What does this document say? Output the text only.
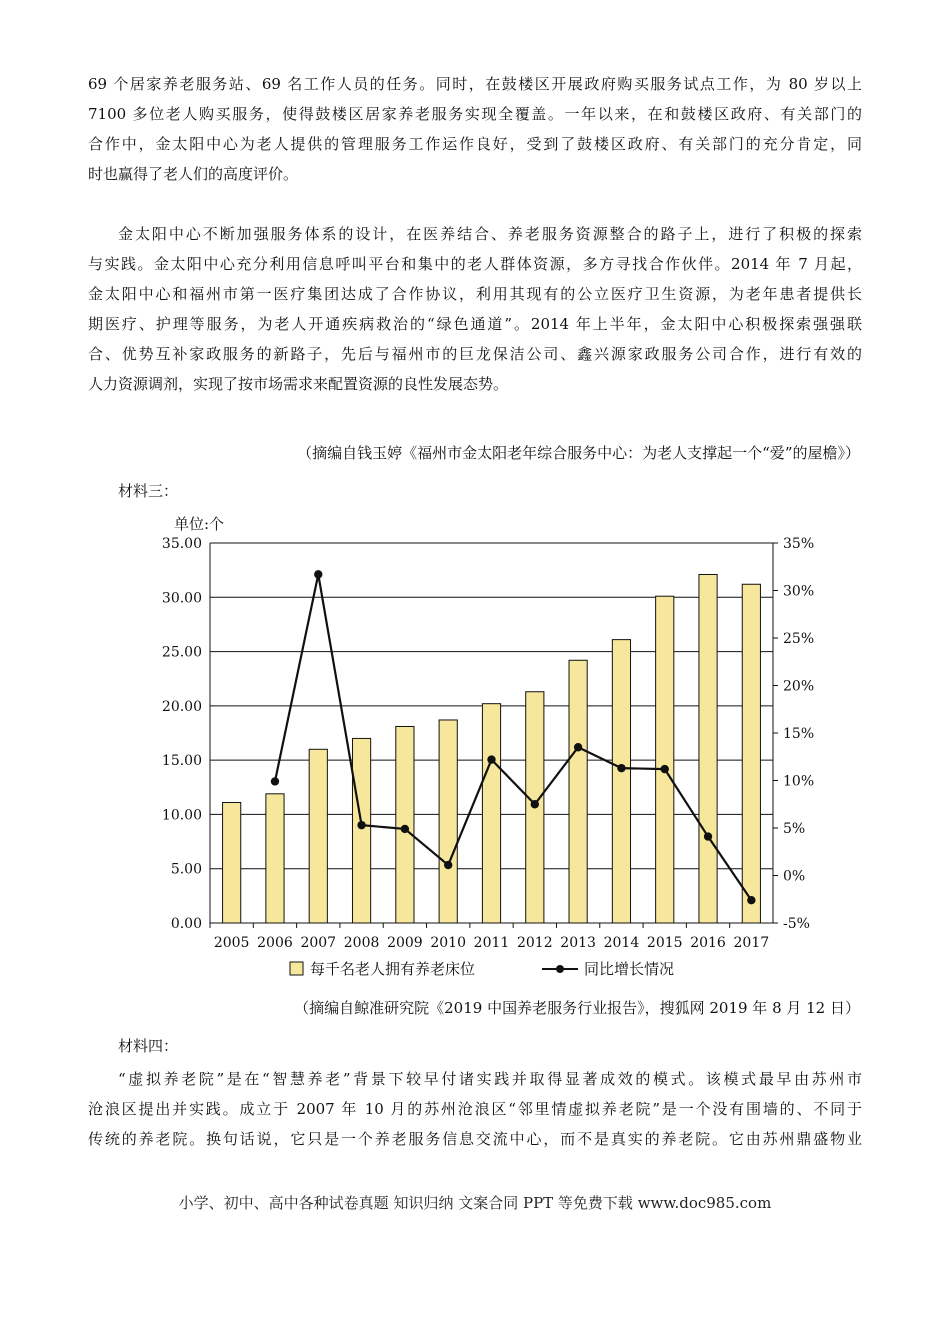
69 个居家养老服务站、69 名工作人员的任务。同时，在鼓楼区开展政府购买服务试点工作，为 80 岁以上
7100 多位老人购买服务，使得鼓楼区居家养老服务实现全覆盖。一年以来，在和鼓楼区政府、有关部门的
合作中，金太阳中心为老人提供的管理服务工作运作良好，受到了鼓楼区政府、有关部门的充分肯定，同
时也赢得了老人们的高度评价。
金太阳中心不断加强服务体系的设计，在医养结合、养老服务资源整合的路子上，进行了积极的探索
与实践。金太阳中心充分利用信息呼叫平台和集中的老人群体资源，多方寻找合作伙伴。2014 年 7 月起，
金太阳中心和福州市第一医疗集团达成了合作协议，利用其现有的公立医疗卫生资源，为老年患者提供长
期医疗、护理等服务，为老人开通疾病救治的“绿色通道”。2014 年上半年，金太阳中心积极探索强强联
合、优势互补家政服务的新路子，先后与福州市的巨龙保洁公司、鑫兴源家政服务公司合作，进行有效的
人力资源调剂，实现了按市场需求来配置资源的良性发展态势。
（摘编自钱玉婷《福州市金太阳老年综合服务中心：为老人支撑起一个“爱”的屋檐》）
材料三：
单位:个
0.00
5.00
10.00
15.00
20.00
25.00
30.00
35.00
-5%
0%
5%
10%
15%
20%
25%
30%
35%
2005 2006 2007 2008 2009 2010 2011 2012 2013 2014 2015 2016 2017
每千名老人拥有养老床位	同比增长情况
（摘编自鲸准研究院《2019 中国养老服务行业报告》，搜狐网 2019 年 8 月 12 日）
材料四：
“虚拟养老院”是在“智慧养老”背景下较早付诸实践并取得显著成效的模式。该模式最早由苏州市
沧浪区提出并实践。成立于 2007 年 10 月的苏州沧浪区“邻里情虚拟养老院”是一个没有围墙的、不同于
传统的养老院。换句话说，它只是一个养老服务信息交流中心，而不是真实的养老院。它由苏州鼎盛物业
小学、初中、高中各种试卷真题 知识归纳 文案合同 PPT 等免费下载 www.doc985.com
